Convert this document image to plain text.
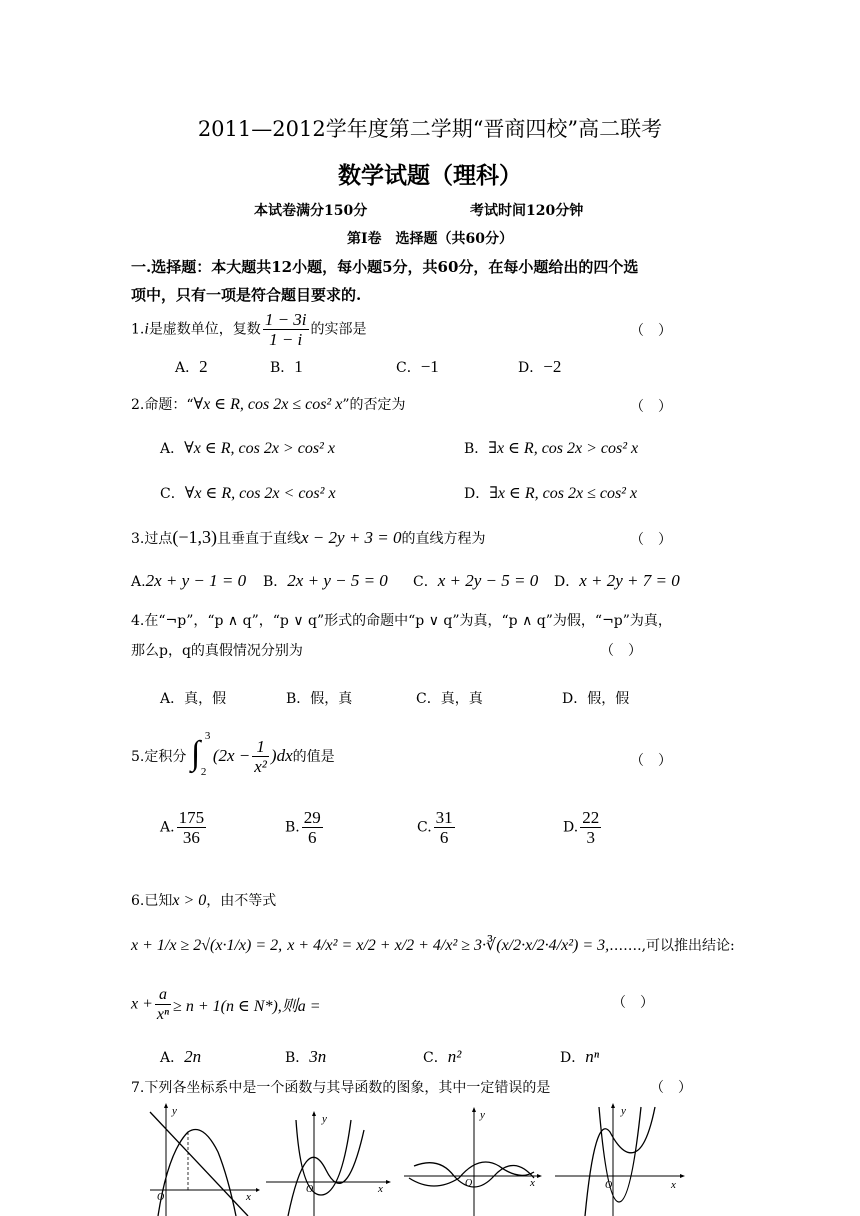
2011—2012学年度第二学期“晋商四校”高二联考
数学试题（理科）
本试卷满分150分	考试时间120分钟
第Ⅰ卷　选择题（共60分）
一.选择题：本大题共12小题，每小题5分，共60分，在每小题给出的四个选
项中，只有一项是符合题目要求的.
1.i是虚数单位，复数 $\frac{1 - 3i}{1 - i}$ 的实部是	（　）
A．2	B．1	C．−1	D．−2
2.命题：“∀x ∈ R, cos 2x ≤ cos² x”的否定为	（　）
A．∀x ∈ R, cos 2x > cos² x	B．∃x ∈ R, cos 2x > cos² x
C．∀x ∈ R, cos 2x < cos² x	D．∃x ∈ R, cos 2x ≤ cos² x
3.过点(−1,3)且垂直于直线x − 2y + 3 = 0的直线方程为	（　）
A.2x + y − 1 = 0 B．2x + y − 5 = 0 C．x + 2y − 5 = 0 D．x + 2y + 7 = 0
4.在“¬p”，“p ∧ q”，“p ∨ q”形式的命题中“p ∨ q”为真，“p ∧ q”为假，“¬p”为真，
那么p，q的真假情况分别为	（　）
A．真，假	B．假，真	C．真，真	D．假，假
5.定积分 ∫ 3
2
$(2x - \frac{1}{\text{x²}} )dx$的值是	（　）
A. $\frac{175}{36}$	B. $\frac{29}{6}$	C. $\frac{31}{6}$	D. $\frac{22}{3}$
6.已知x > 0，由不等式
x + 1/x ≥ 2√(x·1/x) = 2, x + 4/x² = x/2 + x/2 + 4/x² ≥ 3·∛(x/2·x/2·4/x²) = 3,…….,可以推出结论:
$x + \frac{a}{\text{xⁿ}} \ge n + 1(n$ ∈ N*),则a =	（　）
A．2n	B．3n	C．n²	D．nⁿ
7.下列各坐标系中是一个函数与其导函数的图象，其中一定错误的是	（　）
x
y
O
x
y
O
x
y
O	x
y
O
